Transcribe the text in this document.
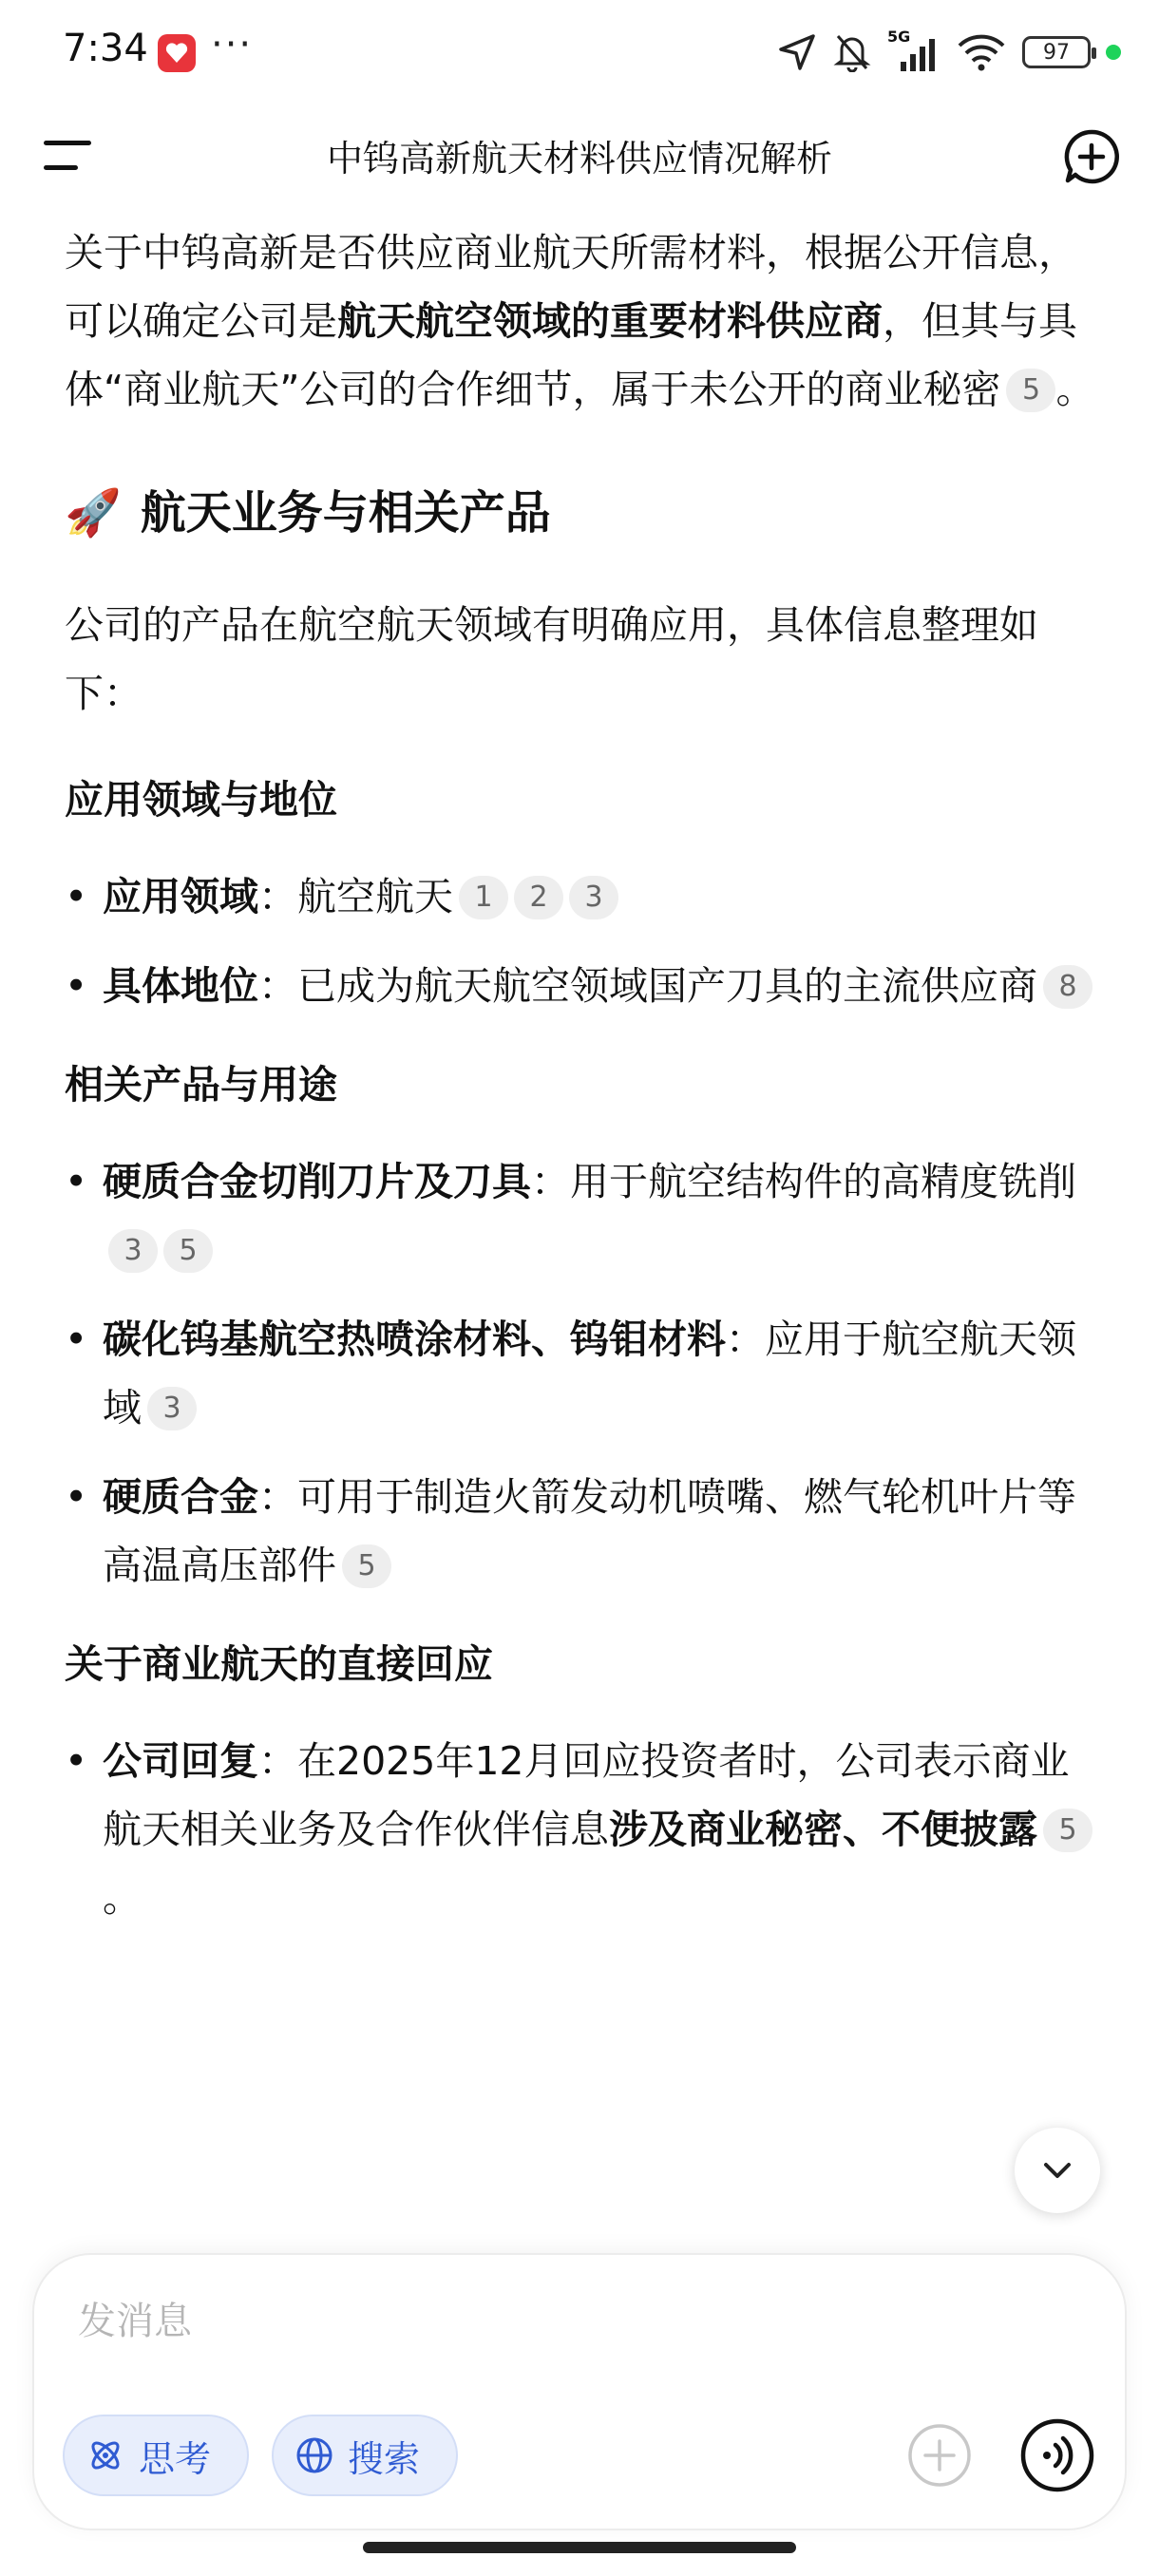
7:34 ···	5G
97
中钨高新航天材料供应情况解析

关于中钨高新是否供应商业航天所需材料，根据公开信息，可以确定公司是航天航空领域的重要材料供应商，但其与具体“商业航天”公司的合作细节，属于未公开的商业秘密 5 。

🚀 航天业务与相关产品

公司的产品在航空航天领域有明确应用，具体信息整理如下：

应用领域与地位
• 应用领域：航空航天 1 2 3
• 具体地位：已成为航天航空领域国产刀具的主流供应商 8
相关产品与用途
• 硬质合金切削刀片及刀具：用于航空结构件的高精度铣削3 5
• 碳化钨基航空热喷涂材料、钨钼材料：应用于航空航天领域 3
• 硬质合金：可用于制造火箭发动机喷嘴、燃气轮机叶片等高温高压部件 5
关于商业航天的直接回应
• 公司回复：在2025年12月回应投资者时，公司表示商业航天相关业务及合作伙伴信息涉及商业秘密、不便披露 5。
发消息
思考	搜索
